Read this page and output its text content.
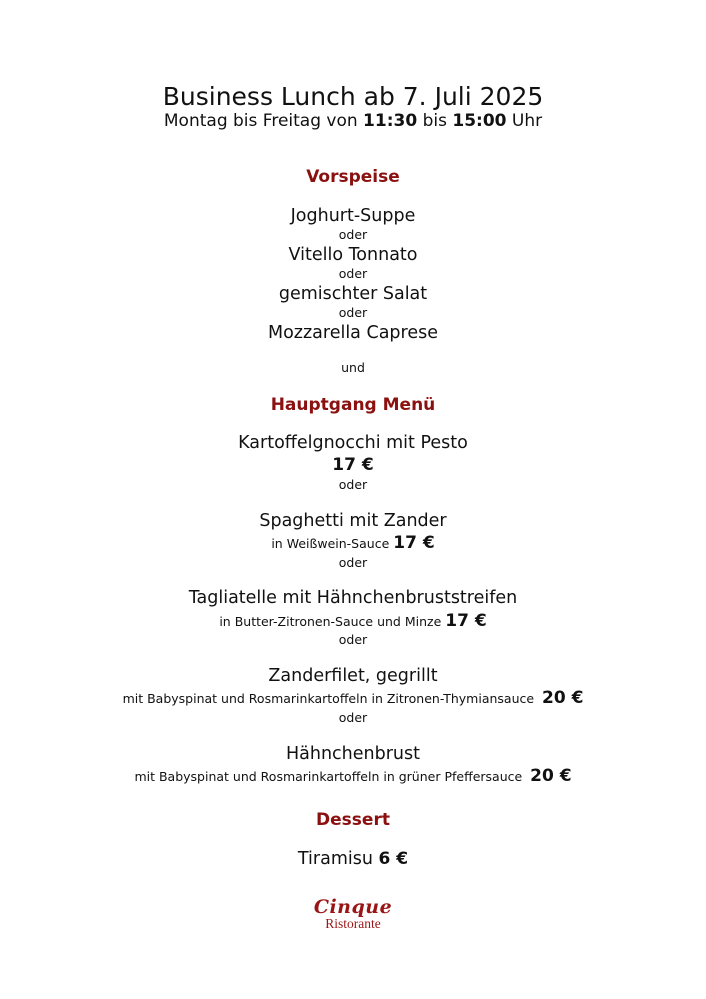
Business Lunch ab 7. Juli 2025
Montag bis Freitag von 11:30 bis 15:00 Uhr
Vorspeise
Joghurt-Suppe
oder
Vitello Tonnato
oder
gemischter Salat
oder
Mozzarella Caprese
und
Hauptgang Menü
Kartoffelgnocchi mit Pesto
17 €
oder
Spaghetti mit Zander
in Weißwein-Sauce 17 €
oder
Tagliatelle mit Hähnchenbruststreifen
in Butter-Zitronen-Sauce und Minze 17 €
oder
Zanderfilet, gegrillt
mit Babyspinat und Rosmarinkartoffeln in Zitronen-Thymiansauce 20 €
oder
Hähnchenbrust
mit Babyspinat und Rosmarinkartoffeln in grüner Pfeffersauce 20 €
Dessert
Tiramisu 6 €
Cinque
Ristorante
